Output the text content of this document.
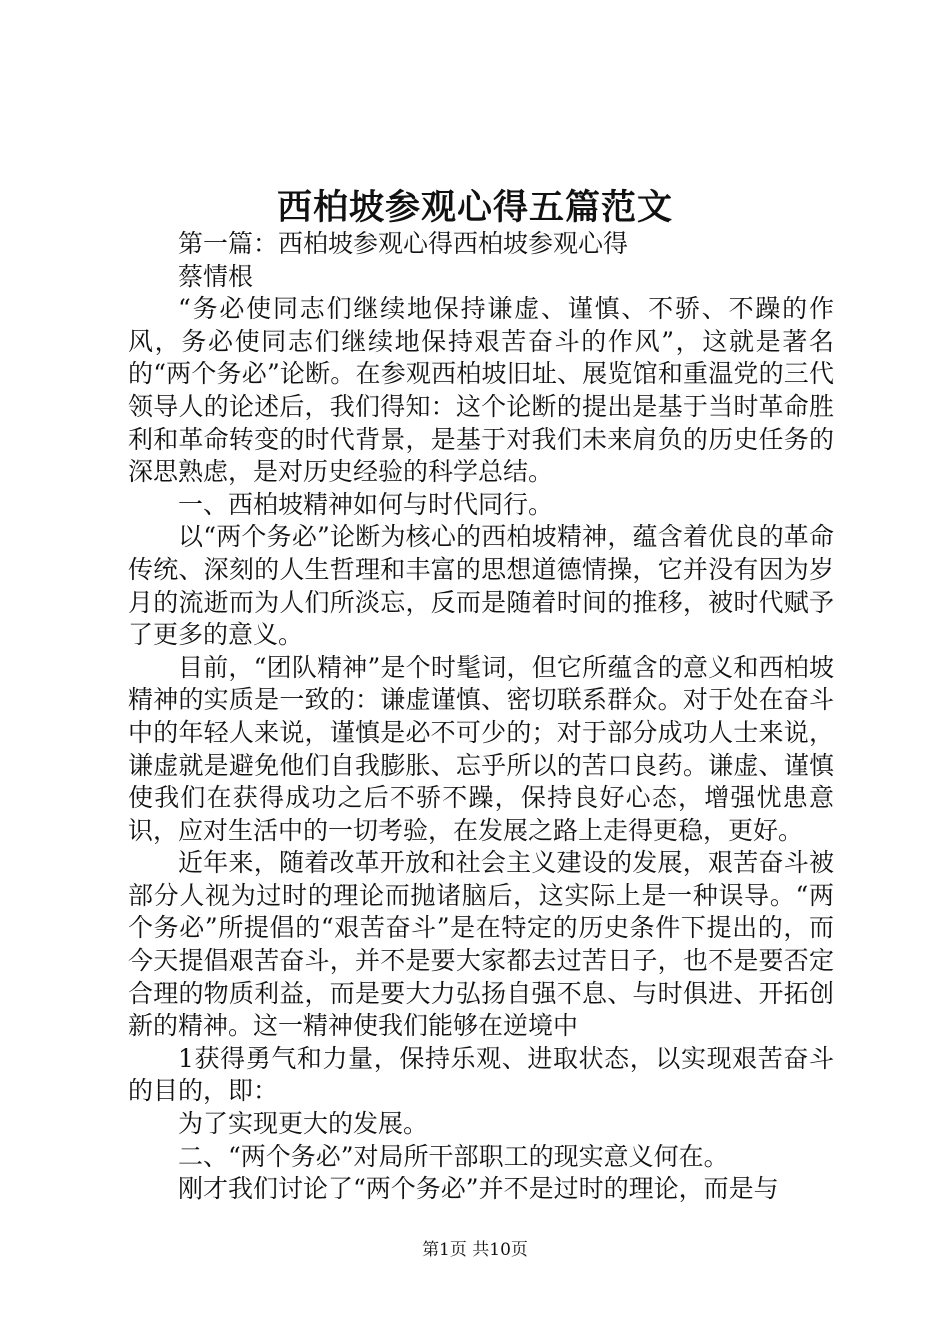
西柏坡参观心得五篇范文

第一篇：西柏坡参观心得西柏坡参观心得

蔡情根

“务必使同志们继续地保持谦虚、谨慎、不骄、不躁的作风，务必使同志们继续地保持艰苦奋斗的作风”，这就是著名的“两个务必”论断。在参观西柏坡旧址、展览馆和重温党的三代领导人的论述后，我们得知：这个论断的提出是基于当时革命胜利和革命转变的时代背景，是基于对我们未来肩负的历史任务的深思熟虑，是对历史经验的科学总结。

一、西柏坡精神如何与时代同行。

以“两个务必”论断为核心的西柏坡精神，蕴含着优良的革命传统、深刻的人生哲理和丰富的思想道德情操，它并没有因为岁月的流逝而为人们所淡忘，反而是随着时间的推移，被时代赋予了更多的意义。

目前，“团队精神”是个时髦词，但它所蕴含的意义和西柏坡精神的实质是一致的：谦虚谨慎、密切联系群众。对于处在奋斗中的年轻人来说，谨慎是必不可少的；对于部分成功人士来说，谦虚就是避免他们自我膨胀、忘乎所以的苦口良药。谦虚、谨慎使我们在获得成功之后不骄不躁，保持良好心态，增强忧患意识，应对生活中的一切考验，在发展之路上走得更稳，更好。

近年来，随着改革开放和社会主义建设的发展，艰苦奋斗被部分人视为过时的理论而抛诸脑后，这实际上是一种误导。“两个务必”所提倡的“艰苦奋斗”是在特定的历史条件下提出的，而今天提倡艰苦奋斗，并不是要大家都去过苦日子，也不是要否定合理的物质利益，而是要大力弘扬自强不息、与时俱进、开拓创新的精神。这一精神使我们能够在逆境中

1获得勇气和力量，保持乐观、进取状态，以实现艰苦奋斗的目的，即：

为了实现更大的发展。

二、“两个务必”对局所干部职工的现实意义何在。

刚才我们讨论了“两个务必”并不是过时的理论，而是与

第1页 共10页
